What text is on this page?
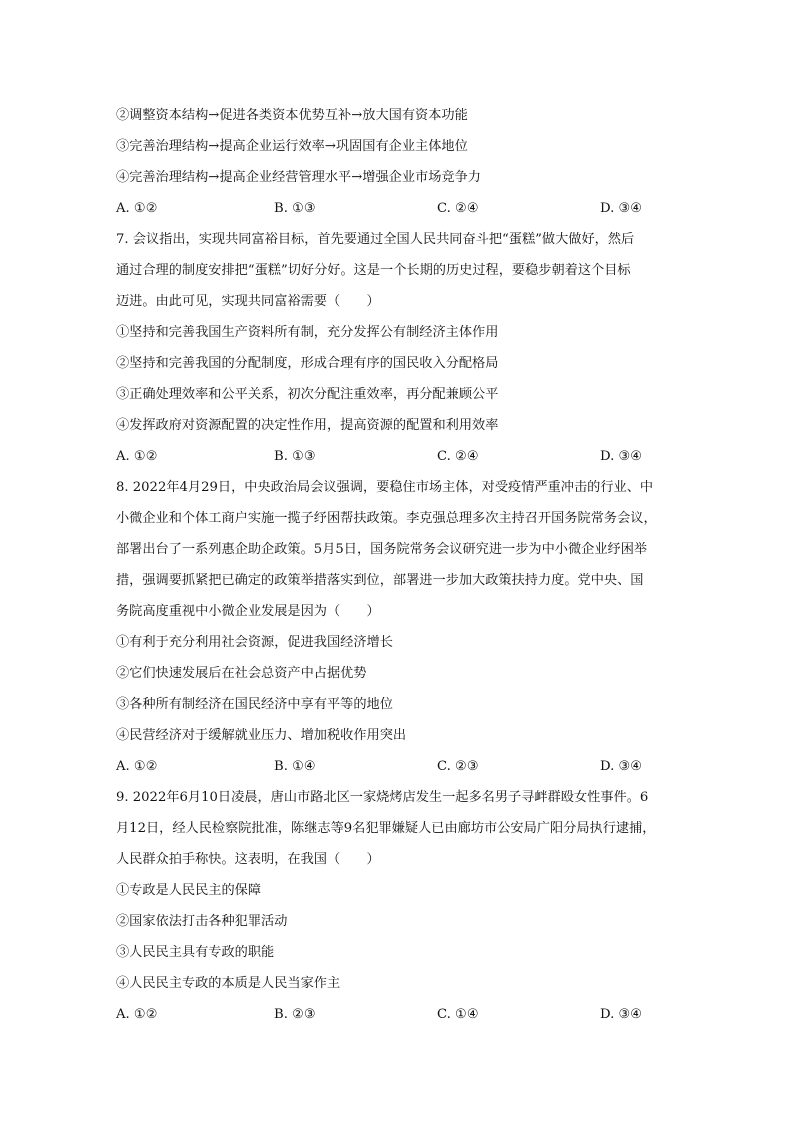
②调整资本结构→促进各类资本优势互补→放大国有资本功能
③完善治理结构→提高企业运行效率→巩固国有企业主体地位
④完善治理结构→提高企业经营管理水平→增强企业市场竞争力
A. ①②	B. ①③	C. ②④	D. ③④
7. 会议指出，实现共同富裕目标，首先要通过全国人民共同奋斗把“蛋糕”做大做好，然后
通过合理的制度安排把“蛋糕”切好分好。这是一个长期的历史过程，要稳步朝着这个目标
迈进。由此可见，实现共同富裕需要（　　）
①坚持和完善我国生产资料所有制，充分发挥公有制经济主体作用
②坚持和完善我国的分配制度，形成合理有序的国民收入分配格局
③正确处理效率和公平关系，初次分配注重效率，再分配兼顾公平
④发挥政府对资源配置的决定性作用，提高资源的配置和利用效率
A. ①②	B. ①③	C. ②④	D. ③④
8. 2022年4月29日，中央政治局会议强调，要稳住市场主体，对受疫情严重冲击的行业、中
小微企业和个体工商户实施一揽子纾困帮扶政策。李克强总理多次主持召开国务院常务会议，
部署出台了一系列惠企助企政策。5月5日，国务院常务会议研究进一步为中小微企业纾困举
措，强调要抓紧把已确定的政策举措落实到位，部署进一步加大政策扶持力度。党中央、国
务院高度重视中小微企业发展是因为（　　）
①有利于充分利用社会资源，促进我国经济增长
②它们快速发展后在社会总资产中占据优势
③各种所有制经济在国民经济中享有平等的地位
④民营经济对于缓解就业压力、增加税收作用突出
A. ①②	B. ①④	C. ②③	D. ③④
9. 2022年6月10日凌晨，唐山市路北区一家烧烤店发生一起多名男子寻衅群殴女性事件。6
月12日，经人民检察院批准，陈继志等9名犯罪嫌疑人已由廊坊市公安局广阳分局执行逮捕，
人民群众拍手称快。这表明，在我国（　　）
①专政是人民民主的保障
②国家依法打击各种犯罪活动
③人民民主具有专政的职能
④人民民主专政的本质是人民当家作主
A. ①②	B. ②③	C. ①④	D. ③④
